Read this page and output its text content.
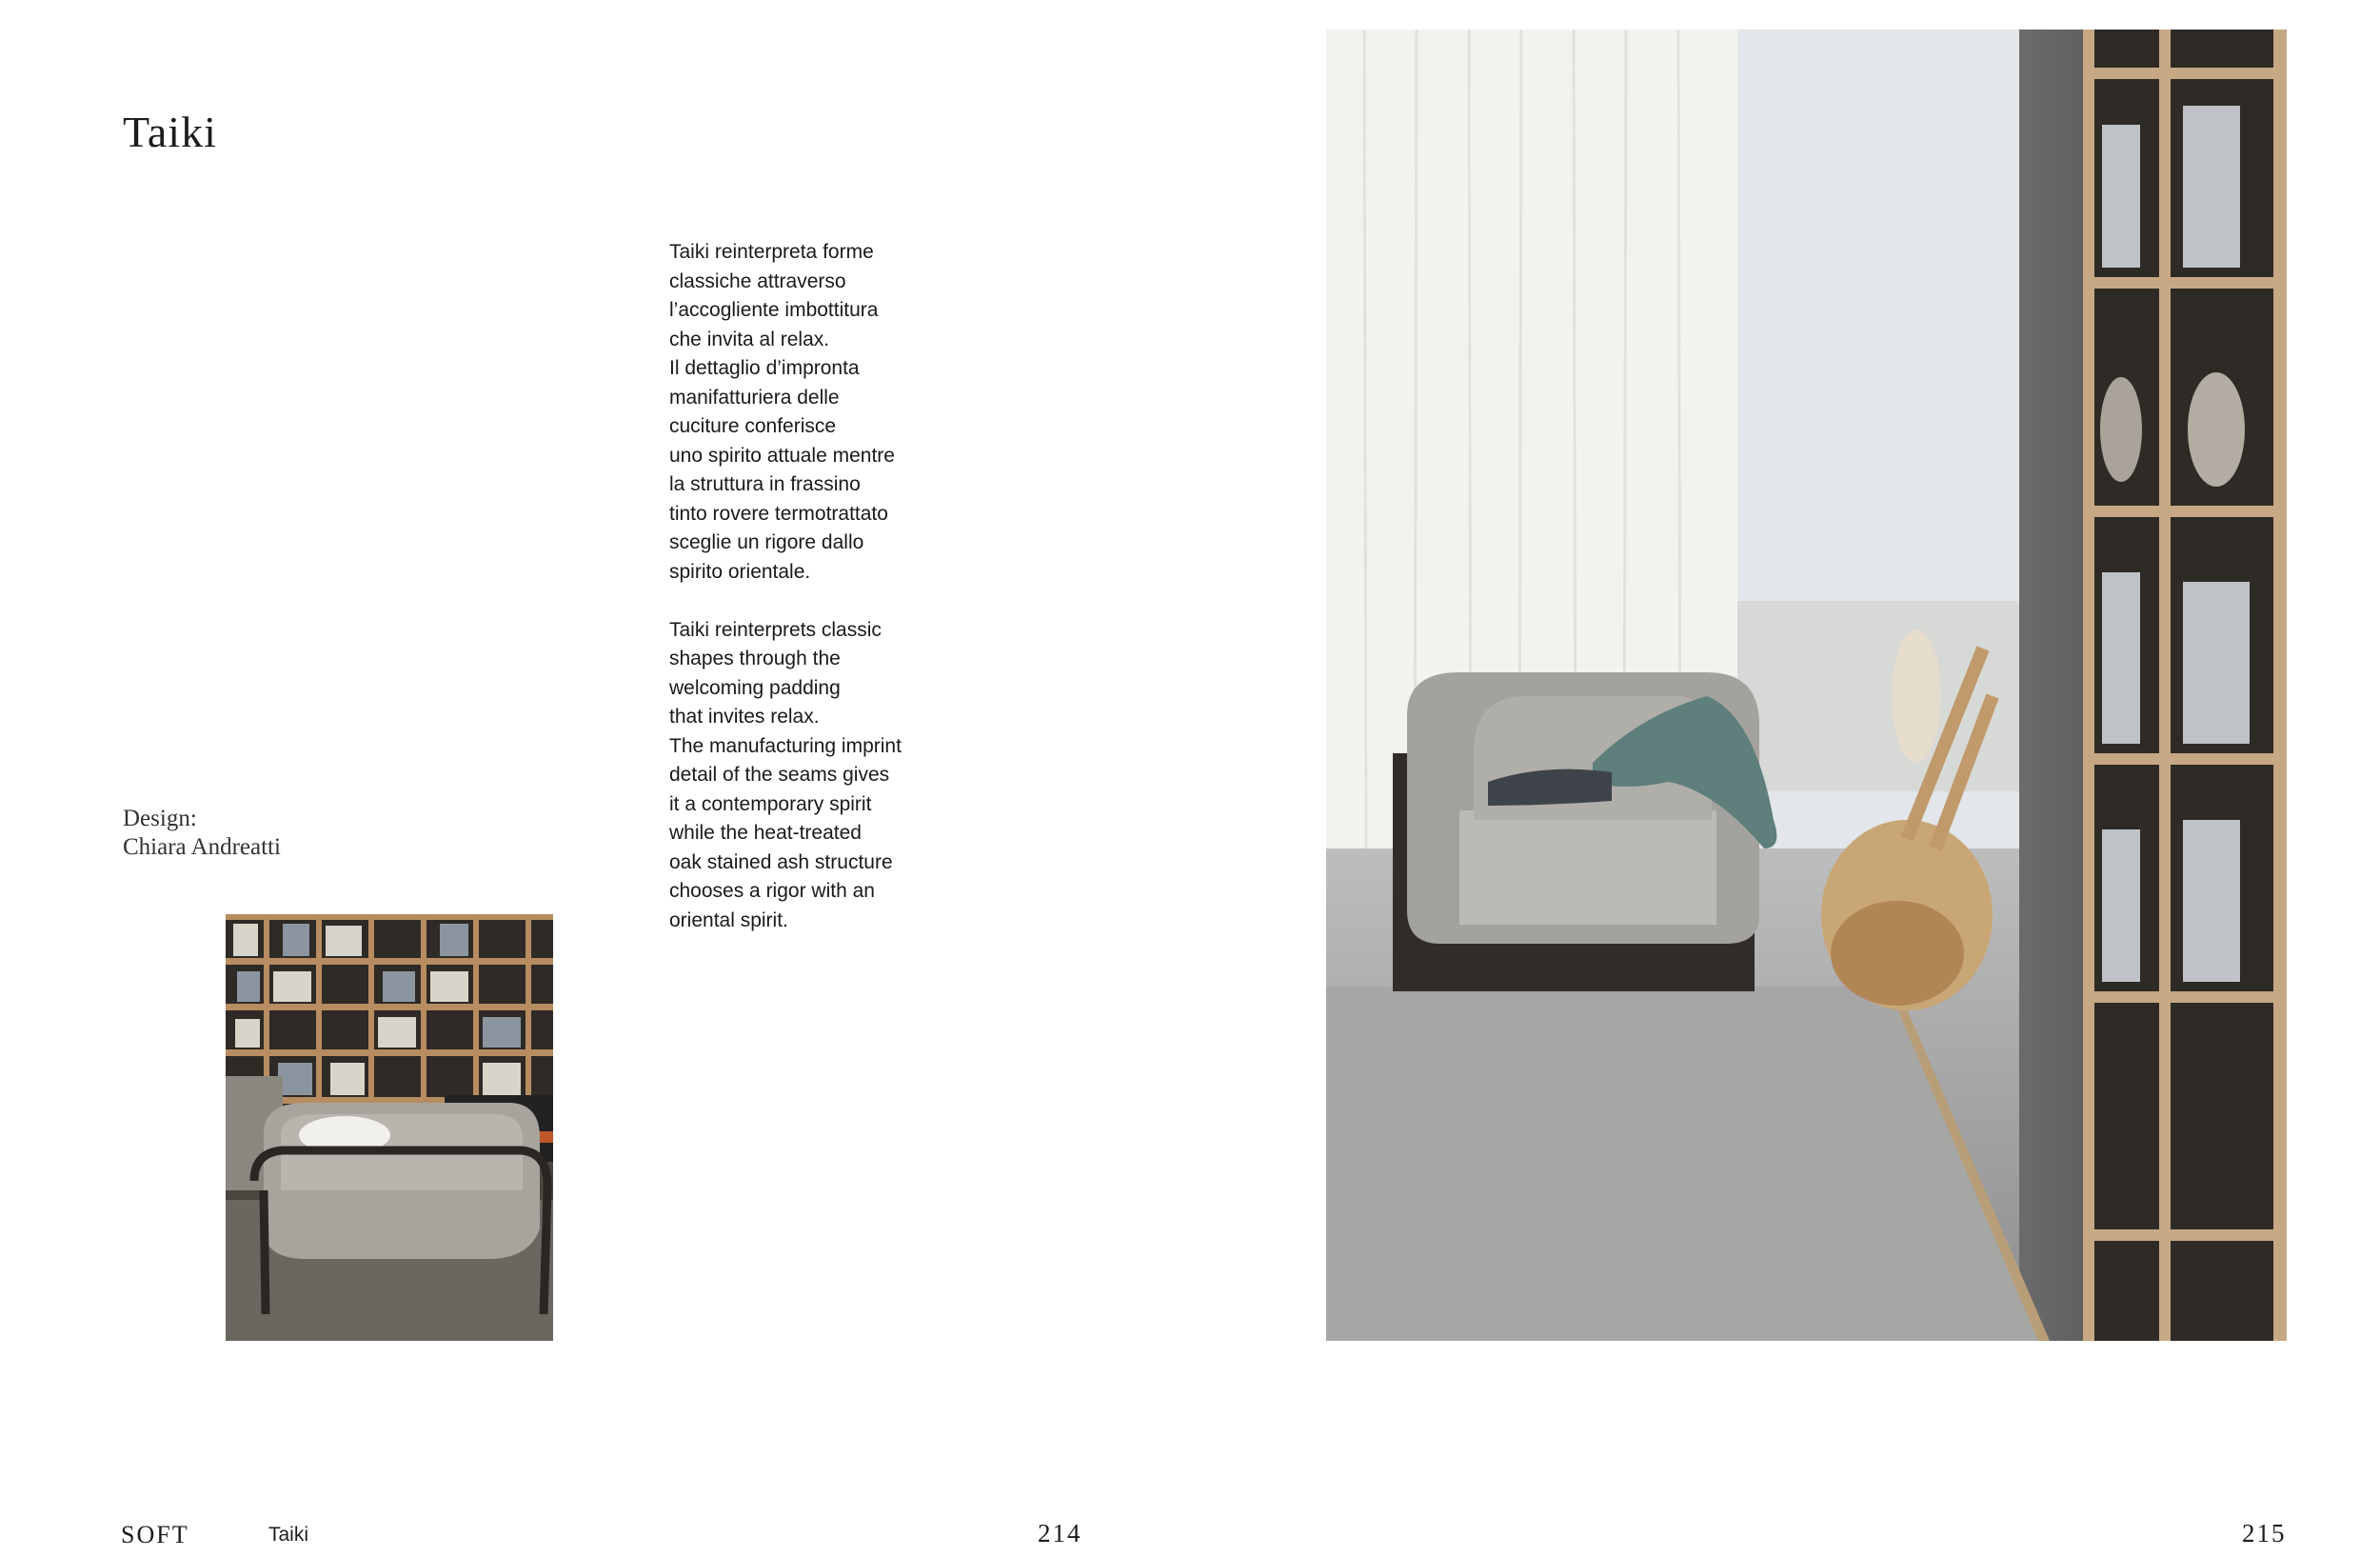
Taiki
Design:
Chiara Andreatti

Taiki reinterpreta forme
classiche attraverso
l’accogliente imbottitura
che invita al relax.
Il dettaglio d’impronta
manifatturiera delle
cuciture conferisce
uno spirito attuale mentre
la struttura in frassino
tinto rovere termotrattato
sceglie un rigore dallo
spirito orientale.

Taiki reinterprets classic
shapes through the
welcoming padding
that invites relax.
The manufacturing imprint
detail of the seams gives
it a contemporary spirit
while the heat-treated
oak stained ash structure
chooses a rigor with an
oriental spirit.

SOFT	Taiki	214	215
